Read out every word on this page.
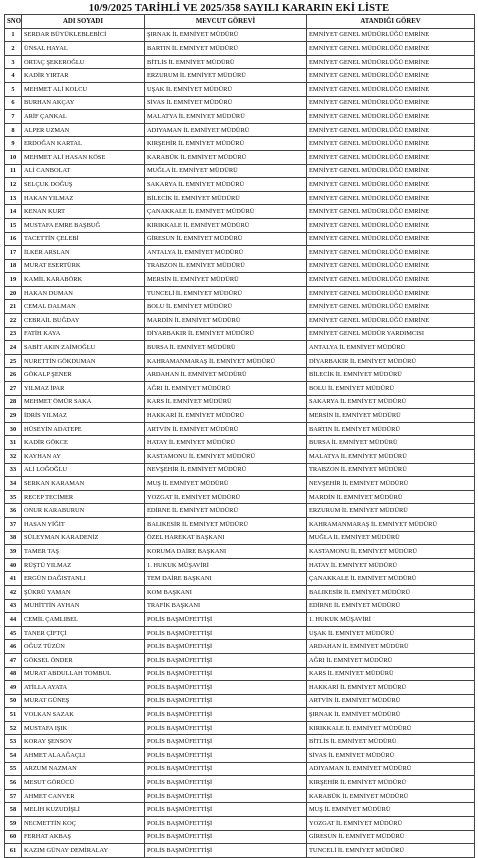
10/9/2025 TARİHLİ VE 2025/358 SAYILI KARARIN EKİ LİSTE
SNO	ADI SOYADI	MEVCUT GÖREVİ	ATANDIĞI GÖREV
1	SERDAR BÜYÜKLEBLEBİCİ	ŞIRNAK İL EMNİYET MÜDÜRÜ	EMNİYET GENEL MÜDÜRLÜĞÜ EMRİNE
2	ÜNSAL HAYAL	BARTIN İL EMNİYET MÜDÜRÜ	EMNİYET GENEL MÜDÜRLÜĞÜ EMRİNE
3	ORTAÇ ŞEKEROĞLU	BİTLİS İL EMNİYET MÜDÜRÜ	EMNİYET GENEL MÜDÜRLÜĞÜ EMRİNE
4	KADİR YIRTAR	ERZURUM İL EMNİYET MÜDÜRÜ	EMNİYET GENEL MÜDÜRLÜĞÜ EMRİNE
5	MEHMET ALİ KOLCU	UŞAK İL EMNİYET MÜDÜRÜ	EMNİYET GENEL MÜDÜRLÜĞÜ EMRİNE
6	BURHAN AKÇAY	SİVAS İL EMNİYET MÜDÜRÜ	EMNİYET GENEL MÜDÜRLÜĞÜ EMRİNE
7	ARİF ÇANKAL	MALATYA İL EMNİYET MÜDÜRÜ	EMNİYET GENEL MÜDÜRLÜĞÜ EMRİNE
8	ALPER UZMAN	ADIYAMAN İL EMNİYET MÜDÜRÜ	EMNİYET GENEL MÜDÜRLÜĞÜ EMRİNE
9	ERDOĞAN KARTAL	KIRŞEHİR İL EMNİYET MÜDÜRÜ	EMNİYET GENEL MÜDÜRLÜĞÜ EMRİNE
10	MEHMET ALİ HASAN KÖSE	KARABÜK İL EMNİYET MÜDÜRÜ	EMNİYET GENEL MÜDÜRLÜĞÜ EMRİNE
11	ALİ CANBOLAT	MUĞLA İL EMNİYET MÜDÜRÜ	EMNİYET GENEL MÜDÜRLÜĞÜ EMRİNE
12	SELÇUK DOĞUŞ	SAKARYA İL EMNİYET MÜDÜRÜ	EMNİYET GENEL MÜDÜRLÜĞÜ EMRİNE
13	HAKAN YILMAZ	BİLECİK İL EMNİYET MÜDÜRÜ	EMNİYET GENEL MÜDÜRLÜĞÜ EMRİNE
14	KENAN KURT	ÇANAKKALE İL EMNİYET MÜDÜRÜ	EMNİYET GENEL MÜDÜRLÜĞÜ EMRİNE
15	MUSTAFA EMRE BAŞBUĞ	KIRIKKALE İL EMNİYET MÜDÜRÜ	EMNİYET GENEL MÜDÜRLÜĞÜ EMRİNE
16	TACETTİN ÇELEBİ	GİRESUN İL EMNİYET MÜDÜRÜ	EMNİYET GENEL MÜDÜRLÜĞÜ EMRİNE
17	İLKER ARSLAN	ANTALYA İL EMNİYET MÜDÜRÜ	EMNİYET GENEL MÜDÜRLÜĞÜ EMRİNE
18	MURAT ESERTÜRK	TRABZON İL EMNİYET MÜDÜRÜ	EMNİYET GENEL MÜDÜRLÜĞÜ EMRİNE
19	KAMİL KARABÖRK	MERSİN İL EMNİYET MÜDÜRÜ	EMNİYET GENEL MÜDÜRLÜĞÜ EMRİNE
20	HAKAN DUMAN	TUNCELİ İL EMNİYET MÜDÜRÜ	EMNİYET GENEL MÜDÜRLÜĞÜ EMRİNE
21	CEMAL DALMAN	BOLU İL EMNİYET MÜDÜRÜ	EMNİYET GENEL MÜDÜRLÜĞÜ EMRİNE
22	CEBRAİL BUĞDAY	MARDİN İL EMNİYET MÜDÜRÜ	EMNİYET GENEL MÜDÜRLÜĞÜ EMRİNE
23	FATİH KAYA	DİYARBAKIR İL EMNİYET MÜDÜRÜ	EMNİYET GENEL MÜDÜR YARDIMCISI
24	SABİT AKIN ZAİMOĞLU	BURSA İL EMNİYET MÜDÜRÜ	ANTALYA İL EMNİYET MÜDÜRÜ
25	NURETTİN GÖKDUMAN	KAHRAMANMARAŞ İL EMNİYET MÜDÜRÜ	DİYARBAKIR İL EMNİYET MÜDÜRÜ
26	GÖKALP ŞENER	ARDAHAN İL EMNİYET MÜDÜRÜ	BİLECİK İL EMNİYET MÜDÜRÜ
27	YILMAZ İPAR	AĞRI İL EMNİYET MÜDÜRÜ	BOLU İL EMNİYET MÜDÜRÜ
28	MEHMET ÖMÜR SAKA	KARS İL EMNİYET MÜDÜRÜ	SAKARYA İL EMNİYET MÜDÜRÜ
29	İDRİS YILMAZ	HAKKARİ İL EMNİYET MÜDÜRÜ	MERSİN İL EMNİYET MÜDÜRÜ
30	HÜSEYİN ADATEPE	ARTVİN İL EMNİYET MÜDÜRÜ	BARTIN İL EMNİYET MÜDÜRÜ
31	KADİR GÖKCE	HATAY İL EMNİYET MÜDÜRÜ	BURSA İL EMNİYET MÜDÜRÜ
32	KAYHAN AY	KASTAMONU İL EMNİYET MÜDÜRÜ	MALATYA İL EMNİYET MÜDÜRÜ
33	ALİ LOĞOĞLU	NEVŞEHİR İL EMNİYET MÜDÜRÜ	TRABZON İL EMNİYET MÜDÜRÜ
34	SERKAN KARAMAN	MUŞ İL EMNİYET MÜDÜRÜ	NEVŞEHİR İL EMNİYET MÜDÜRÜ
35	RECEP TECİMER	YOZGAT İL EMNİYET MÜDÜRÜ	MARDİN İL EMNİYET MÜDÜRÜ
36	ONUR KARABURUN	EDİRNE İL EMNİYET MÜDÜRÜ	ERZURUM İL EMNİYET MÜDÜRÜ
37	HASAN YİĞİT	BALIKESİR İL EMNİYET MÜDÜRÜ	KAHRAMANMARAŞ İL EMNİYET MÜDÜRÜ
38	SÜLEYMAN KARADENİZ	ÖZEL HAREKAT BAŞKANI	MUĞLA İL EMNİYET MÜDÜRÜ
39	TAMER TAŞ	KORUMA DAİRE BAŞKANI	KASTAMONU İL EMNİYET MÜDÜRÜ
40	RÜŞTÜ YILMAZ	1. HUKUK MÜŞAVİRİ	HATAY İL EMNİYET MÜDÜRÜ
41	ERGÜN DAĞISTANLI	TEM DAİRE BAŞKANI	ÇANAKKALE İL EMNİYET MÜDÜRÜ
42	ŞÜKRÜ YAMAN	KOM BAŞKANI	BALIKESİR İL EMNİYET MÜDÜRÜ
43	MUHİTTİN AYHAN	TRAFİK BAŞKANI	EDİRNE İL EMNİYET MÜDÜRÜ
44	CEMİL ÇAMLIBEL	POLİS BAŞMÜFETTİŞİ	1. HUKUK MÜŞAVİRİ
45	TANER ÇİFTÇİ	POLİS BAŞMÜFETTİŞİ	UŞAK İL EMNİYET MÜDÜRÜ
46	OĞUZ TÜZÜN	POLİS BAŞMÜFETTİŞİ	ARDAHAN İL EMNİYET MÜDÜRÜ
47	GÖKSEL ÖNDER	POLİS BAŞMÜFETTİŞİ	AĞRI İL EMNİYET MÜDÜRÜ
48	MURAT ABDULLAH TOMBUL	POLİS BAŞMÜFETTİŞİ	KARS İL EMNİYET MÜDÜRÜ
49	ATİLLA AYATA	POLİS BAŞMÜFETTİŞİ	HAKKARİ İL EMNİYET MÜDÜRÜ
50	MURAT GÜNEŞ	POLİS BAŞMÜFETTİŞİ	ARTVİN İL EMNİYET MÜDÜRÜ
51	VOLKAN SAZAK	POLİS BAŞMÜFETTİŞİ	ŞIRNAK İL EMNİYET MÜDÜRÜ
52	MUSTAFA IŞIK	POLİS BAŞMÜFETTİŞİ	KIRIKKALE İL EMNİYET MÜDÜRÜ
53	KORAY ŞENSOY	POLİS BAŞMÜFETTİŞİ	BİTLİS İL EMNİYET MÜDÜRÜ
54	AHMET ALAAĞAÇLI	POLİS BAŞMÜFETTİŞİ	SİVAS İL EMNİYET MÜDÜRÜ
55	ARZUM NAZMAN	POLİS BAŞMÜFETTİŞİ	ADIYAMAN İL EMNİYET MÜDÜRÜ
56	MESUT GÖRÜCÜ	POLİS BAŞMÜFETTİŞİ	KIRŞEHİR İL EMNİYET MÜDÜRÜ
57	AHMET CANVER	POLİS BAŞMÜFETTİŞİ	KARABÜK İL EMNİYET MÜDÜRÜ
58	MELİH KUZUDİŞLİ	POLİS BAŞMÜFETTİŞİ	MUŞ İL EMNİYET MÜDÜRÜ
59	NECMETTİN KOÇ	POLİS BAŞMÜFETTİŞİ	YOZGAT İL EMNİYET MÜDÜRÜ
60	FERHAT AKBAŞ	POLİS BAŞMÜFETTİŞİ	GİRESUN İL EMNİYET MÜDÜRÜ
61	KAZIM GÜNAY DEMİRALAY	POLİS BAŞMÜFETTİŞİ	TUNCELİ İL EMNİYET MÜDÜRÜ
